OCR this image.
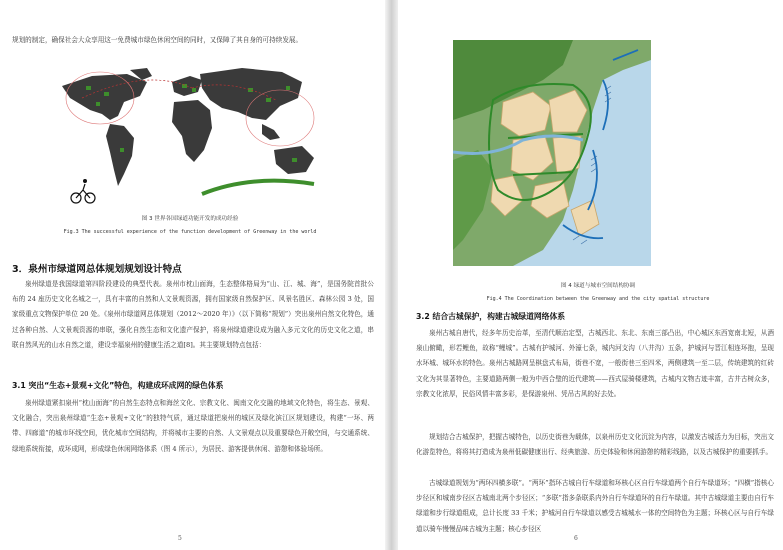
规划的制定，确保社会大众享用这一免费城市绿色休闲空间的同时，又保障了其自身的可持续发展。
图 3 世界各国绿道功能开发的成功经验
Fig.3 The successful experience of the function development of Greenway in the world
3．泉州市绿道网总体规划规划设计特点
泉州绿道是我国绿道第四阶段建设的典型代表。泉州市枕山面海，生态整体格局为“山、江、城、海”，是国务院首批公布的 24 座历史文化名城之一，具有丰富的自然和人文景观资源，拥有国家级自然保护区、风景名胜区、森林公园 3 处，国家级重点文物保护单位 20 处。《泉州市绿道网总体规划（2012～2020 年）》（以下简称“规划”）突出泉州自然文化特色，通过各种自然、人文景观资源的串联，强化自然生态和文化遗产保护，将泉州绿道建设成为融入多元文化的历史文化之道，串联自然风光的山水自然之道，建设幸福泉州的健康生活之道[8]。其主要规划特点包括：
3.1 突出“生态+景观+文化”特色，构建成环成网的绿色体系
泉州绿道紧扣泉州“枕山面海”的自然生态特点和海丝文化、宗教文化、闽南文化交融的地域文化特色，将生态、景观、文化融合，突出泉州绿道“生态+景观+文化”的独特气质，通过绿道把泉州的城区及绿化滨江区规划建设，构建“一环、两带、四廊道”的城市环线空间，优化城市空间结构，并将城市主要的自然、人文景观点以及重要绿色开敞空间，与交通系统、绿地系统衔接，成环成网，形成绿色休闲网络体系（图 4 所示），为居民、游客提供休闲、游憩和体验场所。
5
图 4 绿道与城市空间结构协调
Fig.4 The Coordination between the Greenway and the city spatial structure
3.2 结合古城保护，构建古城绿道网络体系
泉州古城自唐代，经多年历史治革，至清代顺治定型，古城西北、东北、东南三部凸出，中心城区东西宽南北短，从酒泉山俯瞰，形若鲤鱼，故称“鲤城”。古城有护城河、外濠七条，城内河支沟（八井沟）五条，护城河与晋江相连环抱，呈现水环城、城环水的特色。泉州古城路网呈棋盘式布局，街巷不宽，一般街巷三至四米，两侧建筑一至二层，传统建筑的红砖文化为其显著特色，主要道路两侧一般为中西合璧的近代建筑——西式屋骑楼建筑，古城内文物古迹丰富，古井古树众多，宗教文化浓厚，民俗风情丰富多彩，是保游泉州、凭吊古风的好去处。
规划结合古城保护，把握古城特色，以历史街巷为载体，以泉州历史文化沉淀为内容，以激发古城活力为目标，突出文化游览特色，将将其打造成为泉州低碳健康出行、经典旅游、历史体验和休闲游憩的精彩线路，以及古城保护的重要抓手。
古城绿道规划为“两环四横多联”。“两环”指环古城自行车绿道和环核心区自行车绿道两个自行车绿道环；“四横”指核心步径区和城南步径区古城南北两个步径区；“多联”指多条联系内外自行车绿道环的自行车绿道。其中古城绿道主要由自行车绿道和步行绿道组成，总计长度 33 千米；护城河自行车绿道以感受古城城水一体的空间特色为主题；环核心区与自行车绿道以骑车慢慢品味古城为主题；核心步径区
6
